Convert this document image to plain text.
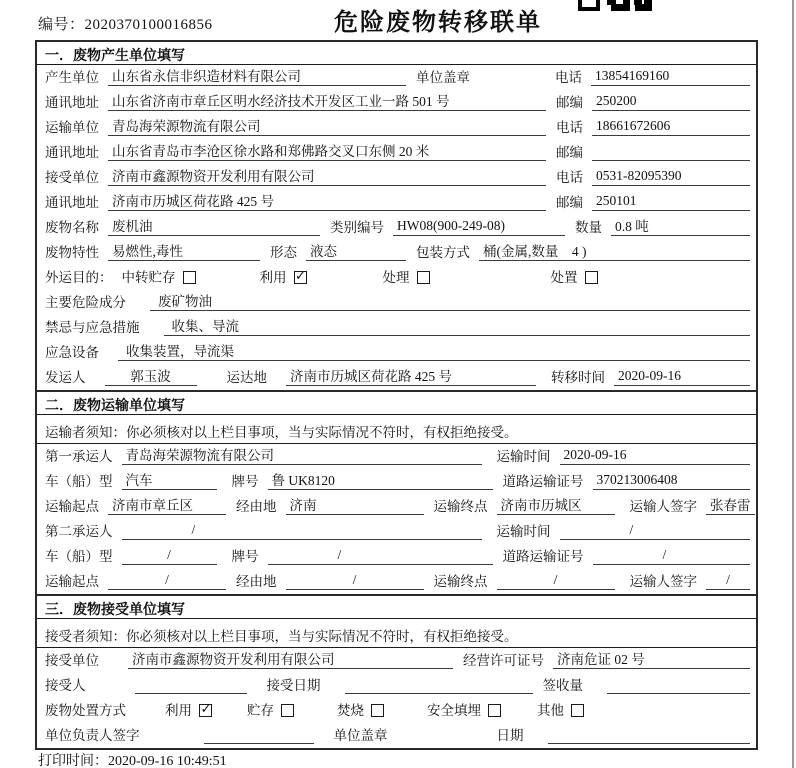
编号：2020370100016856	危险废物转移联单
一．废物产生单位填写
产生单位 山东省永信非织造材料有限公司	单位盖章	电话 13854169160
通讯地址 山东省济南市章丘区明水经济技术开发区工业一路 501 号	邮编 250200
运输单位 青岛海荣源物流有限公司	电话 18661672606
通讯地址 山东省青岛市李沧区徐水路和郑佛路交叉口东侧 20 米	邮编
接受单位 济南市鑫源物资开发利用有限公司	电话 0531-82095390
通讯地址 济南市历城区荷花路 425 号	邮编 250101
废物名称 废机油	类别编号 HW08(900-249-08)	数量 0.8 吨
废物特性 易燃性,毒性	形态 液态	包装方式 桶(金属,数量　4 )
外运目的： 中转贮存	利用 ✓	处理	处置
主要危险成分	废矿物油
禁忌与应急措施	收集、导流
应急设备	收集装置，导流渠
发运人	郭玉波	运达地 济南市历城区荷花路 425 号	转移时间 2020-09-16
二．废物运输单位填写
运输者须知：你必须核对以上栏目事项，当与实际情况不符时，有权拒绝接受。
第一承运人 青岛海荣源物流有限公司	运输时间 2020-09-16
车（船）型 汽车	牌号 鲁 UK8120	道路运输证号 370213006408
运输起点 济南市章丘区	经由地 济南	运输终点 济南市历城区	运输人签字 张春雷
第二承运人	/	运输时间	/
车（船）型	/	牌号	/	道路运输证号	/
运输起点	/	经由地	/	运输终点	/	运输人签字	/
三．废物接受单位填写
接受者须知：你必须核对以上栏目事项，当与实际情况不符时，有权拒绝接受。
接受单位 济南市鑫源物资开发利用有限公司	经营许可证号 济南危证 02 号
接受人	接受日期	签收量
废物处置方式	利用 ✓	贮存	焚烧	安全填埋	其他
单位负责人签字	单位盖章	日期
打印时间：2020-09-16 10:49:51
